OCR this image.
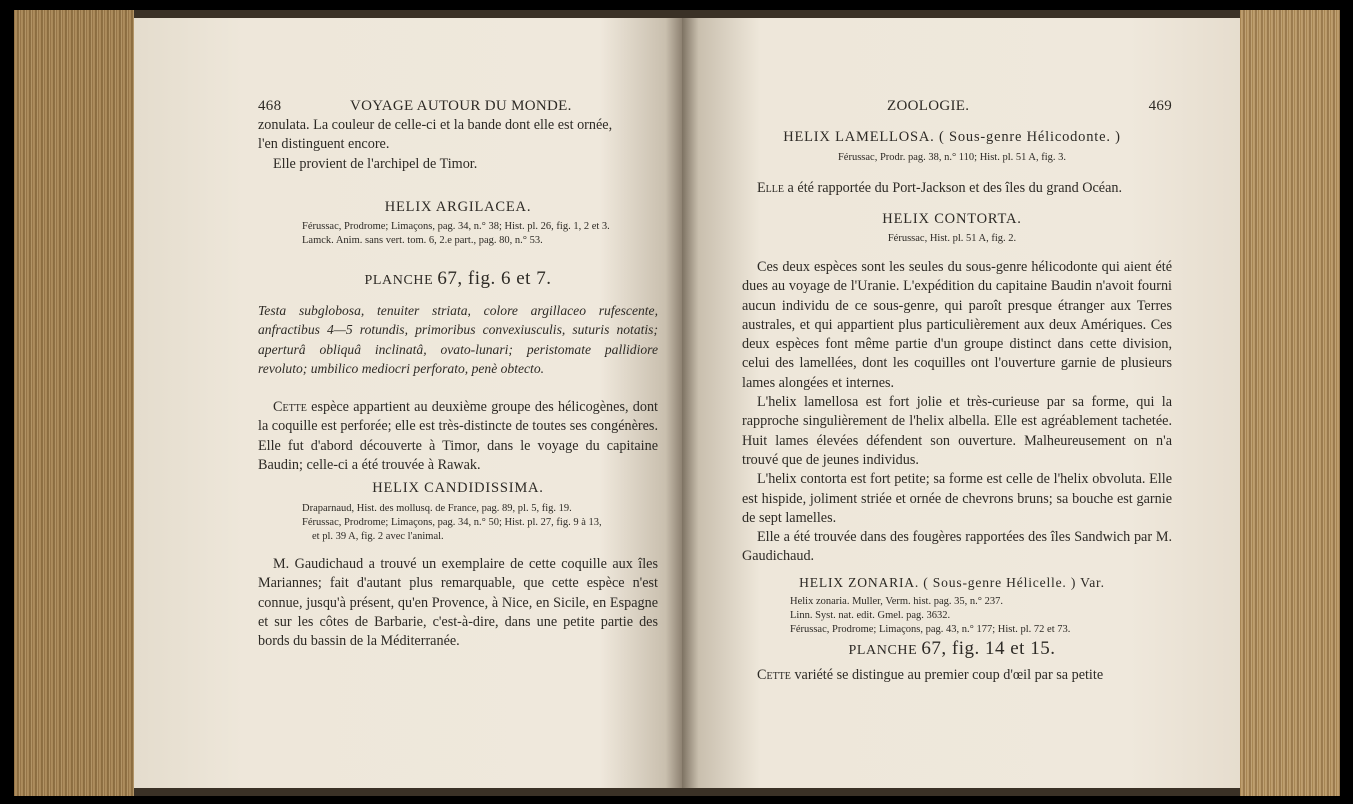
468	VOYAGE AUTOUR DU MONDE.
zonulata. La couleur de celle-ci et la bande dont elle est ornée,
l'en distinguent encore.
Elle provient de l'archipel de Timor.
HELIX ARGILACEA.
Férussac, Prodrome; Limaçons, pag. 34, n.° 38; Hist. pl. 26, fig. 1, 2 et 3.
Lamck. Anim. sans vert. tom. 6, 2.e part., pag. 80, n.° 53.
PLANCHE 67, fig. 6 et 7.
Testa subglobosa, tenuiter striata, colore argillaceo rufescente, anfractibus 4—5 rotundis, primoribus convexiusculis, suturis notatis; aperturâ obliquâ inclinatâ, ovato-lunari; peristomate pallidiore revoluto; umbilico mediocri perforato, penè obtecto.
Cette espèce appartient au deuxième groupe des hélicogènes, dont la coquille est perforée; elle est très-distincte de toutes ses congénères. Elle fut d'abord découverte à Timor, dans le voyage du capitaine Baudin; celle-ci a été trouvée à Rawak.
HELIX CANDIDISSIMA.
Draparnaud, Hist. des mollusq. de France, pag. 89, pl. 5, fig. 19.
Férussac, Prodrome; Limaçons, pag. 34, n.° 50; Hist. pl. 27, fig. 9 à 13,
et pl. 39 A, fig. 2 avec l'animal.
M. Gaudichaud a trouvé un exemplaire de cette coquille aux îles Mariannes; fait d'autant plus remarquable, que cette espèce n'est connue, jusqu'à présent, qu'en Provence, à Nice, en Sicile, en Espagne et sur les côtes de Barbarie, c'est-à-dire, dans une petite partie des bords du bassin de la Méditerranée.
ZOOLOGIE.	469
HELIX LAMELLOSA. ( Sous-genre Hélicodonte. )
Férussac, Prodr. pag. 38, n.° 110; Hist. pl. 51 A, fig. 3.
Elle a été rapportée du Port-Jackson et des îles du grand Océan.
HELIX CONTORTA.
Férussac, Hist. pl. 51 A, fig. 2.

Ces deux espèces sont les seules du sous-genre hélicodonte qui aient été dues au voyage de l'Uranie. L'expédition du capitaine Baudin n'avoit fourni aucun individu de ce sous-genre, qui paroît presque étranger aux Terres australes, et qui appartient plus particulièrement aux deux Amériques. Ces deux espèces font même partie d'un groupe distinct dans cette division, celui des lamellées, dont les coquilles ont l'ouverture garnie de plusieurs lames alongées et internes.

L'helix lamellosa est fort jolie et très-curieuse par sa forme, qui la rapproche singulièrement de l'helix albella. Elle est agréablement tachetée. Huit lames élevées défendent son ouverture. Malheureusement on n'a trouvé que de jeunes individus.

L'helix contorta est fort petite; sa forme est celle de l'helix obvoluta. Elle est hispide, joliment striée et ornée de chevrons bruns; sa bouche est garnie de sept lamelles.

Elle a été trouvée dans des fougères rapportées des îles Sandwich par M. Gaudichaud.

HELIX ZONARIA. ( Sous-genre Hélicelle. ) Var.
Helix zonaria. Muller, Verm. hist. pag. 35, n.° 237.
Linn. Syst. nat. edit. Gmel. pag. 3632.
Férussac, Prodrome; Limaçons, pag. 43, n.° 177; Hist. pl. 72 et 73.
PLANCHE 67, fig. 14 et 15.
Cette variété se distingue au premier coup d'œil par sa petite
